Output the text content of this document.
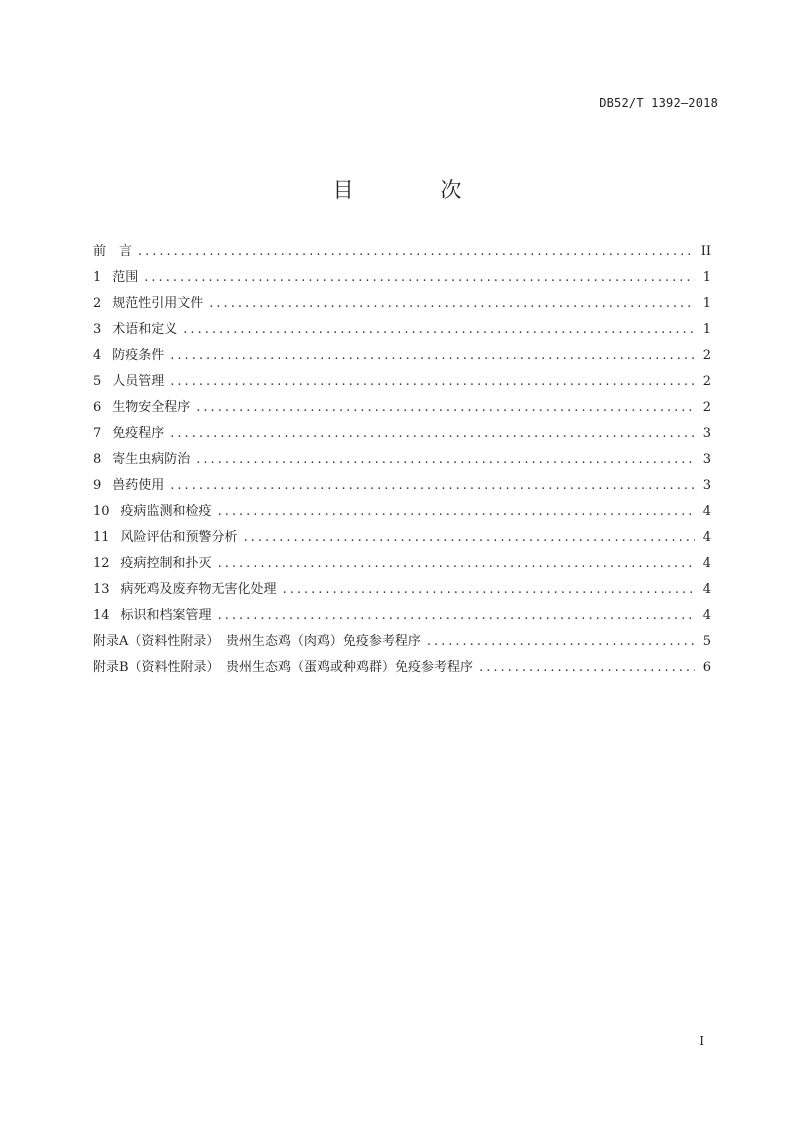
DB52/T 1392—2018
目 次
前　言 .....	II
1 范围 .....	1
2 规范性引用文件 .....	1
3 术语和定义 .....	1
4 防疫条件 .....	2
5 人员管理 .....	2
6 生物安全程序 .....	2
7 免疫程序 .....	3
8 寄生虫病防治 .....	3
9 兽药使用 .....	3
10 疫病监测和检疫 .....	4
11 风险评估和预警分析 .....	4
12 疫病控制和扑灭 .....	4
13 病死鸡及废弃物无害化处理 .....	4
14 标识和档案管理 .....	4
附录A（资料性附录）　贵州生态鸡（肉鸡）免疫参考程序 .....	5
附录B（资料性附录）　贵州生态鸡（蛋鸡或种鸡群）免疫参考程序 .....	6
I
